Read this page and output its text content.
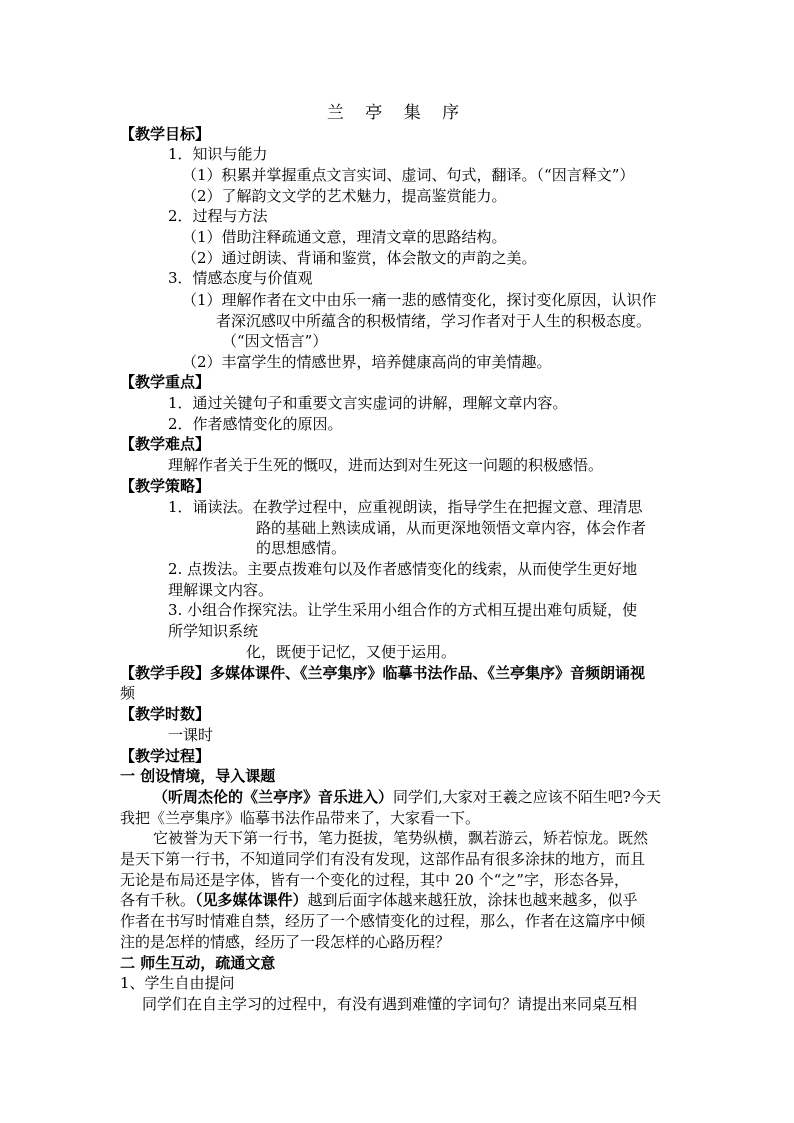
兰 亭 集 序
【教学目标】
1．知识与能力
（1）积累并掌握重点文言实词、虚词、句式，翻译。（“因言释文”）
（2）了解韵文文学的艺术魅力，提高鉴赏能力。
2．过程与方法
（1）借助注释疏通文意，理清文章的思路结构。
（2）通过朗读、背诵和鉴赏，体会散文的声韵之美。
3．情感态度与价值观
（1）理解作者在文中由乐一痛一悲的感情变化，探讨变化原因，认识作
者深沉感叹中所蕴含的积极情绪，学习作者对于人生的积极态度。
（“因文悟言”）
（2）丰富学生的情感世界，培养健康高尚的审美情趣。
【教学重点】
1．通过关键句子和重要文言实虚词的讲解，理解文章内容。
2．作者感情变化的原因。
【教学难点】
理解作者关于生死的慨叹，进而达到对生死这一问题的积极感悟。
【教学策略】
1．诵读法。在教学过程中，应重视朗读，指导学生在把握文意、理清思
路的基础上熟读成诵，从而更深地领悟文章内容，体会作者
的思想感情。
2. 点拨法。主要点拨难句以及作者感情变化的线索，从而使学生更好地
理解课文内容。
3. 小组合作探究法。让学生采用小组合作的方式相互提出难句质疑，使
所学知识系统
化，既便于记忆，又便于运用。
【教学手段】多媒体课件、《兰亭集序》临摹书法作品、《兰亭集序》音频朗诵视
频
【教学时数】
一课时
【教学过程】
一 创设情境，导入课题
（听周杰伦的《兰亭序》音乐进入）同学们,大家对王羲之应该不陌生吧?今天
我把《兰亭集序》临摹书法作品带来了，大家看一下。
它被誉为天下第一行书，笔力挺拔，笔势纵横，飘若游云，矫若惊龙。既然
是天下第一行书，不知道同学们有没有发现，这部作品有很多涂抹的地方，而且
无论是布局还是字体，皆有一个变化的过程，其中 20 个“之”字，形态各异，
各有千秋。（见多媒体课件）越到后面字体越来越狂放，涂抹也越来越多，似乎
作者在书写时情难自禁，经历了一个感情变化的过程，那么，作者在这篇序中倾
注的是怎样的情感，经历了一段怎样的心路历程？
二 师生互动，疏通文意
1、学生自由提问
同学们在自主学习的过程中，有没有遇到难懂的字词句？请提出来同桌互相
